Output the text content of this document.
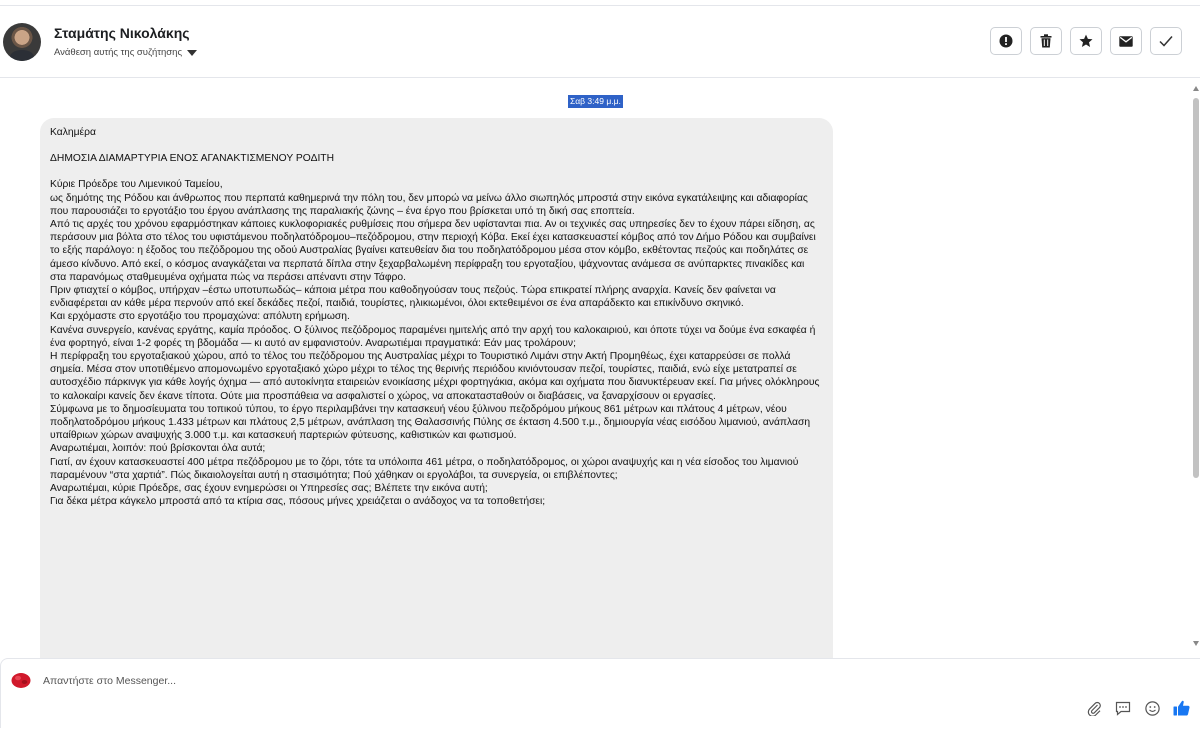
Σταμάτης Νικολάκης
Ανάθεση αυτής της συζήτησης
Σαβ 3:49 μ.μ.

Καλημέρα

ΔΗΜΟΣΙΑ ΔΙΑΜΑΡΤΥΡΙΑ ΕΝΟΣ ΑΓΑΝΑΚΤΙΣΜΕΝΟΥ ΡΟΔΙΤΗ

Κύριε Πρόεδρε του Λιμενικού Ταμείου,

ως δημότης της Ρόδου και άνθρωπος που περπατά καθημερινά την πόλη του, δεν μπορώ να μείνω άλλο σιωπηλός μπροστά στην εικόνα εγκατάλειψης και αδιαφορίας που παρουσιάζει το εργοτάξιο του έργου ανάπλασης της παραλιακής ζώνης – ένα έργο που βρίσκεται υπό τη δική σας εποπτεία.

Από τις αρχές του χρόνου εφαρμόστηκαν κάποιες κυκλοφοριακές ρυθμίσεις που σήμερα δεν υφίστανται πια. Αν οι τεχνικές σας υπηρεσίες δεν το έχουν πάρει είδηση, ας περάσουν μια βόλτα στο τέλος του υφιστάμενου ποδηλατόδρομου–πεζόδρομου, στην περιοχή Κόβα. Εκεί έχει κατασκευαστεί κόμβος από τον Δήμο Ρόδου και συμβαίνει το εξής παράλογο: η έξοδος του πεζόδρομου της οδού Αυστραλίας βγαίνει κατευθείαν δια του ποδηλατόδρομου μέσα στον κόμβο, εκθέτοντας πεζούς και ποδηλάτες σε άμεσο κίνδυνο. Από εκεί, ο κόσμος αναγκάζεται να περπατά δίπλα στην ξεχαρβαλωμένη περίφραξη του εργοταξίου, ψάχνοντας ανάμεσα σε ανύπαρκτες πινακίδες και στα παρανόμως σταθμευμένα οχήματα πώς να περάσει απέναντι στην Τάφρο.

Πριν φτιαχτεί ο κόμβος, υπήρχαν –έστω υποτυπωδώς– κάποια μέτρα που καθοδηγούσαν τους πεζούς. Τώρα επικρατεί πλήρης αναρχία. Κανείς δεν φαίνεται να ενδιαφέρεται αν κάθε μέρα περνούν από εκεί δεκάδες πεζοί, παιδιά, τουρίστες, ηλικιωμένοι, όλοι εκτεθειμένοι σε ένα απαράδεκτο και επικίνδυνο σκηνικό.

Και ερχόμαστε στο εργοτάξιο του προμαχώνα: απόλυτη ερήμωση.

Κανένα συνεργείο, κανένας εργάτης, καμία πρόοδος. Ο ξύλινος πεζόδρομος παραμένει ημιτελής από την αρχή του καλοκαιριού, και όποτε τύχει να δούμε ένα εσκαφέα ή ένα φορτηγό, είναι 1-2 φορές τη βδομάδα — κι αυτό αν εμφανιστούν. Αναρωτιέμαι πραγματικά: Εάν μας τρολάρουν;

Η περίφραξη του εργοταξιακού χώρου, από το τέλος του πεζόδρομου της Αυστραλίας μέχρι το Τουριστικό Λιμάνι στην Ακτή Προμηθέως, έχει καταρρεύσει σε πολλά σημεία. Μέσα στον υποτιθέμενο απομονωμένο εργοταξιακό χώρο μέχρι το τέλος της θερινής περιόδου κινιόντουσαν πεζοί, τουρίστες, παιδιά, ενώ είχε μετατραπεί σε αυτοσχέδιο πάρκινγκ για κάθε λογής όχημα — από αυτοκίνητα εταιρειών ενοικίασης μέχρι φορτηγάκια, ακόμα και οχήματα που διανυκτέρευαν εκεί. Για μήνες ολόκληρους το καλοκαίρι κανείς δεν έκανε τίποτα. Ούτε μια προσπάθεια να ασφαλιστεί ο χώρος, να αποκατασταθούν οι διαβάσεις, να ξαναρχίσουν οι εργασίες.

Σύμφωνα με το δημοσίευματα του τοπικού τύπου, το έργο περιλαμβάνει την κατασκευή νέου ξύλινου πεζοδρόμου μήκους 861 μέτρων και πλάτους 4 μέτρων, νέου ποδηλατοδρόμου μήκους 1.433 μέτρων και πλάτους 2,5 μέτρων, ανάπλαση της Θαλασσινής Πύλης σε έκταση 4.500 τ.μ., δημιουργία νέας εισόδου λιμανιού, ανάπλαση υπαίθριων χώρων αναψυχής 3.000 τ.μ. και κατασκευή παρτεριών φύτευσης, καθιστικών και φωτισμού.

Αναρωτιέμαι, λοιπόν: πού βρίσκονται όλα αυτά;

Γιατί, αν έχουν κατασκευαστεί 400 μέτρα πεζόδρομου με το ζόρι, τότε τα υπόλοιπα 461 μέτρα, ο ποδηλατόδρομος, οι χώροι αναψυχής και η νέα είσοδος του λιμανιού παραμένουν “στα χαρτιά”. Πώς δικαιολογείται αυτή η στασιμότητα; Πού χάθηκαν οι εργολάβοι, τα συνεργεία, οι επιβλέποντες;

Αναρωτιέμαι, κύριε Πρόεδρε, σας έχουν ενημερώσει οι Υπηρεσίες σας; Βλέπετε την εικόνα αυτή;

Για δέκα μέτρα κάγκελο μπροστά από τα κτίρια σας, πόσους μήνες χρειάζεται ο ανάδοχος να τα τοποθετήσει;

Απαντήστε στο Messenger...
